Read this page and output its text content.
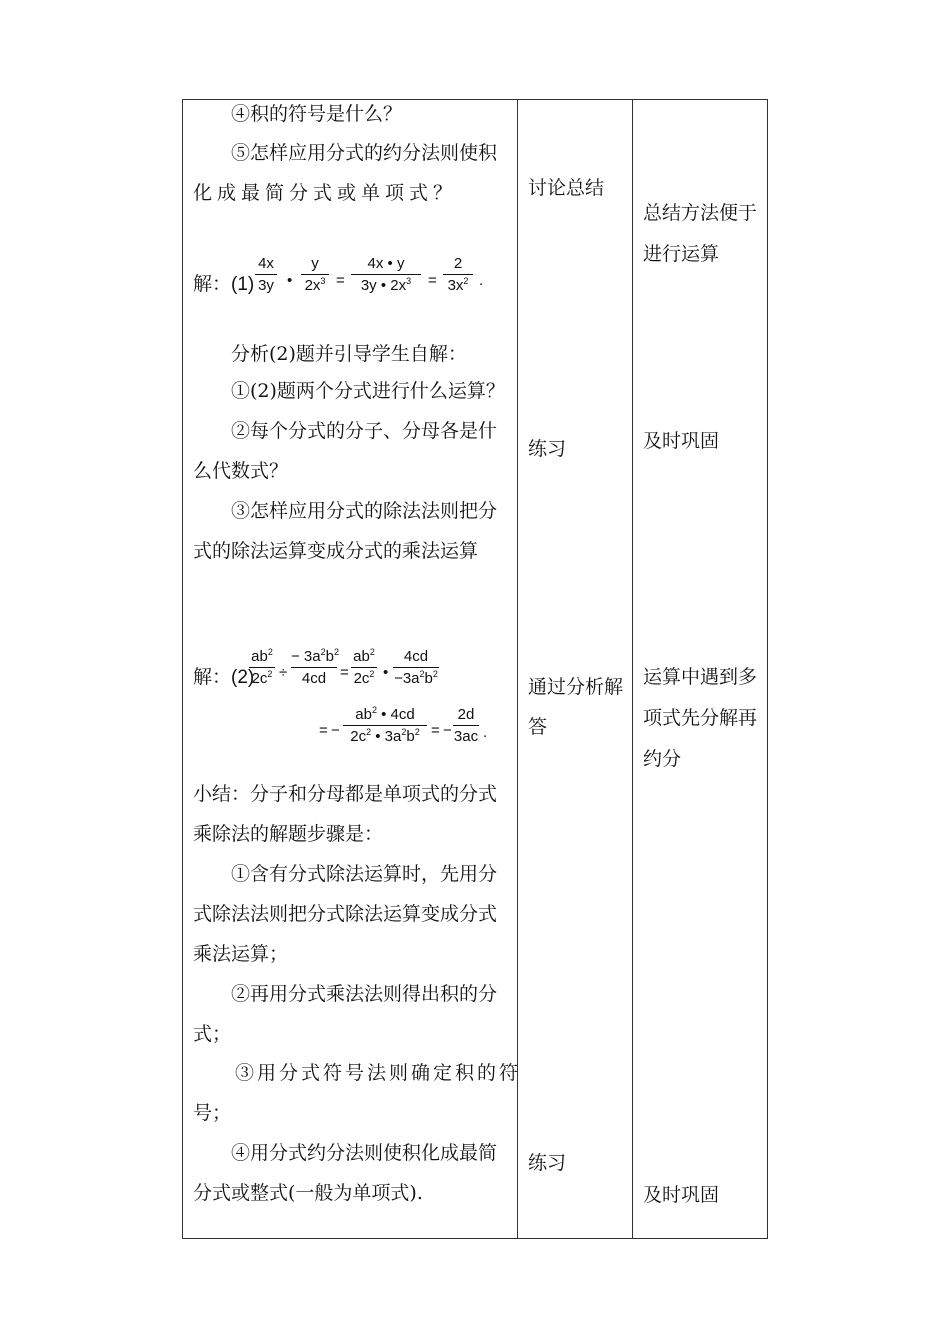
④积的符号是什么？
⑤怎样应用分式的约分法则使积
化成最简分式或单项式？
解：(1)
4x
3y •
y
$2x^3$ =
4x • y
3y • $2x^3$	=
2
$3x^2$ .
分析(2)题并引导学生自解：
①(2)题两个分式进行什么运算？
②每个分式的分子、分母各是什
么代数式？
③怎样应用分式的除法法则把分
式的除法运算变成分式的乘法运算
解：(2)
$ab^2$
$2c^2$ ÷
− $3a^2b^2$
4cd =
$ab^2$
$2c^2$ •
4cd
$-3a^2b^2$
= −
$ab^2$ • 4cd
$2c^2$ • $3a^2b^2$ = −
2d
3ac .
小结：分子和分母都是单项式的分式
乘除法的解题步骤是：
①含有分式除法运算时，先用分
式除法法则把分式除法运算变成分式
乘法运算；
②再用分式乘法法则得出积的分
式；
③用分式符号法则确定积的符
号；
④用分式约分法则使积化成最简
分式或整式(一般为单项式).
讨论总结
练习
通过分析解
答
练习
总结方法便于
进行运算
及时巩固
运算中遇到多
项式先分解再
约分
及时巩固
